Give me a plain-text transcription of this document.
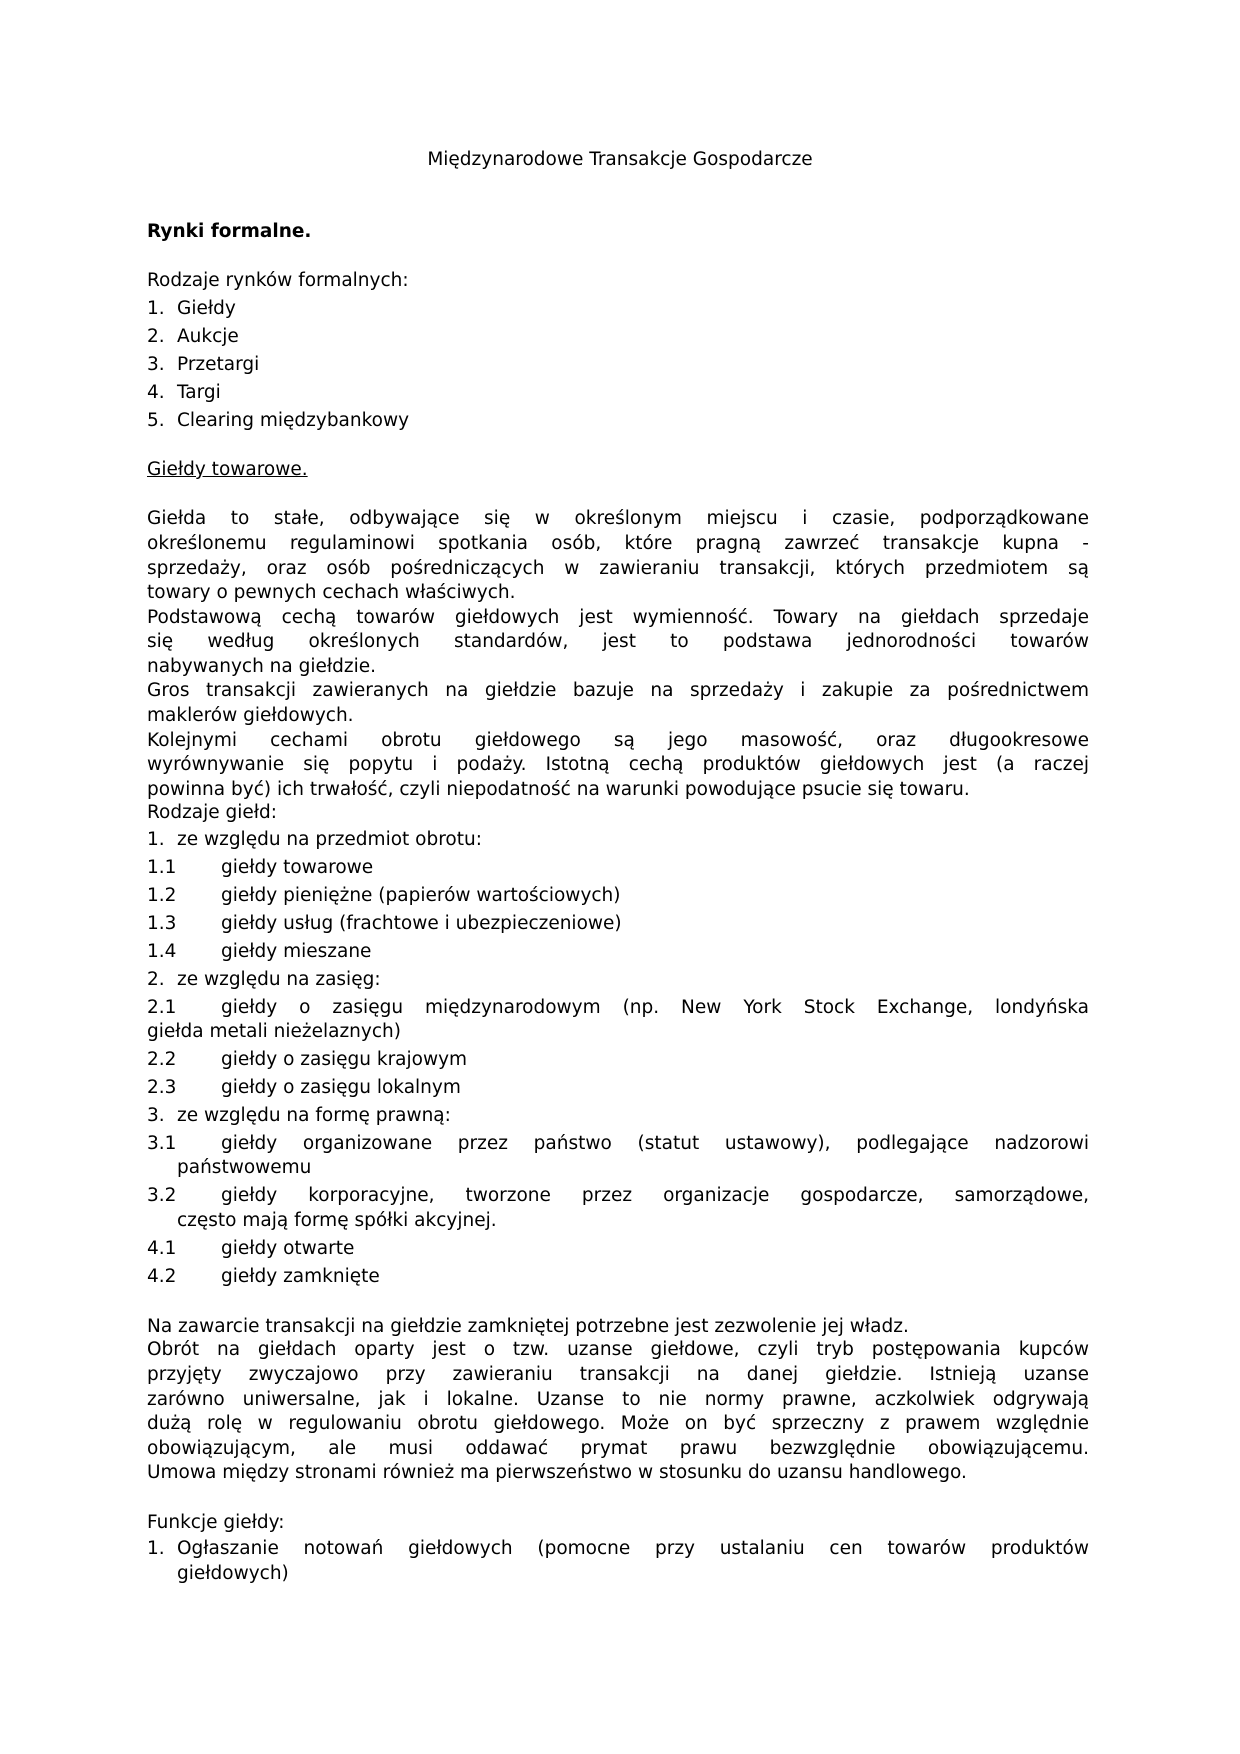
Międzynarodowe Transakcje Gospodarcze
Rynki formalne.
Rodzaje rynków formalnych:
1. Giełdy
2. Aukcje
3. Przetargi
4. Targi
5. Clearing międzybankowy
Giełdy towarowe.
Giełda to stałe, odbywające się w określonym miejscu i czasie, podporządkowane
określonemu regulaminowi spotkania osób, które pragną zawrzeć transakcje kupna -
sprzedaży, oraz osób pośredniczących w zawieraniu transakcji, których przedmiotem są
towary o pewnych cechach właściwych.
Podstawową cechą towarów giełdowych jest wymienność. Towary na giełdach sprzedaje
się według określonych standardów, jest to podstawa jednorodności towarów
nabywanych na giełdzie.
Gros transakcji zawieranych na giełdzie bazuje na sprzedaży i zakupie za pośrednictwem
maklerów giełdowych.
Kolejnymi cechami obrotu giełdowego są jego masowość, oraz długookresowe
wyrównywanie się popytu i podaży. Istotną cechą produktów giełdowych jest (a raczej
powinna być) ich trwałość, czyli niepodatność na warunki powodujące psucie się towaru.
Rodzaje giełd:
1. ze względu na przedmiot obrotu:
1.1 giełdy towarowe
1.2 giełdy pieniężne (papierów wartościowych)
1.3 giełdy usług (frachtowe i ubezpieczeniowe)
1.4 giełdy mieszane
2. ze względu na zasięg:
2.1 giełdy o zasięgu międzynarodowym (np. New York Stock Exchange, londyńska
giełda metali nieżelaznych)
2.2 giełdy o zasięgu krajowym
2.3 giełdy o zasięgu lokalnym
3. ze względu na formę prawną:
3.1 giełdy organizowane przez państwo (statut ustawowy), podlegające nadzorowi
państwowemu
3.2 giełdy korporacyjne, tworzone przez organizacje gospodarcze, samorządowe,
często mają formę spółki akcyjnej.
4.1 giełdy otwarte
4.2 giełdy zamknięte
Na zawarcie transakcji na giełdzie zamkniętej potrzebne jest zezwolenie jej władz.
Obrót na giełdach oparty jest o tzw. uzanse giełdowe, czyli tryb postępowania kupców
przyjęty zwyczajowo przy zawieraniu transakcji na danej giełdzie. Istnieją uzanse
zarówno uniwersalne, jak i lokalne. Uzanse to nie normy prawne, aczkolwiek odgrywają
dużą rolę w regulowaniu obrotu giełdowego. Może on być sprzeczny z prawem względnie
obowiązującym, ale musi oddawać prymat prawu bezwzględnie obowiązującemu.
Umowa między stronami również ma pierwszeństwo w stosunku do uzansu handlowego.
Funkcje giełdy:
1. Ogłaszanie notowań giełdowych (pomocne przy ustalaniu cen towarów produktów
giełdowych)
